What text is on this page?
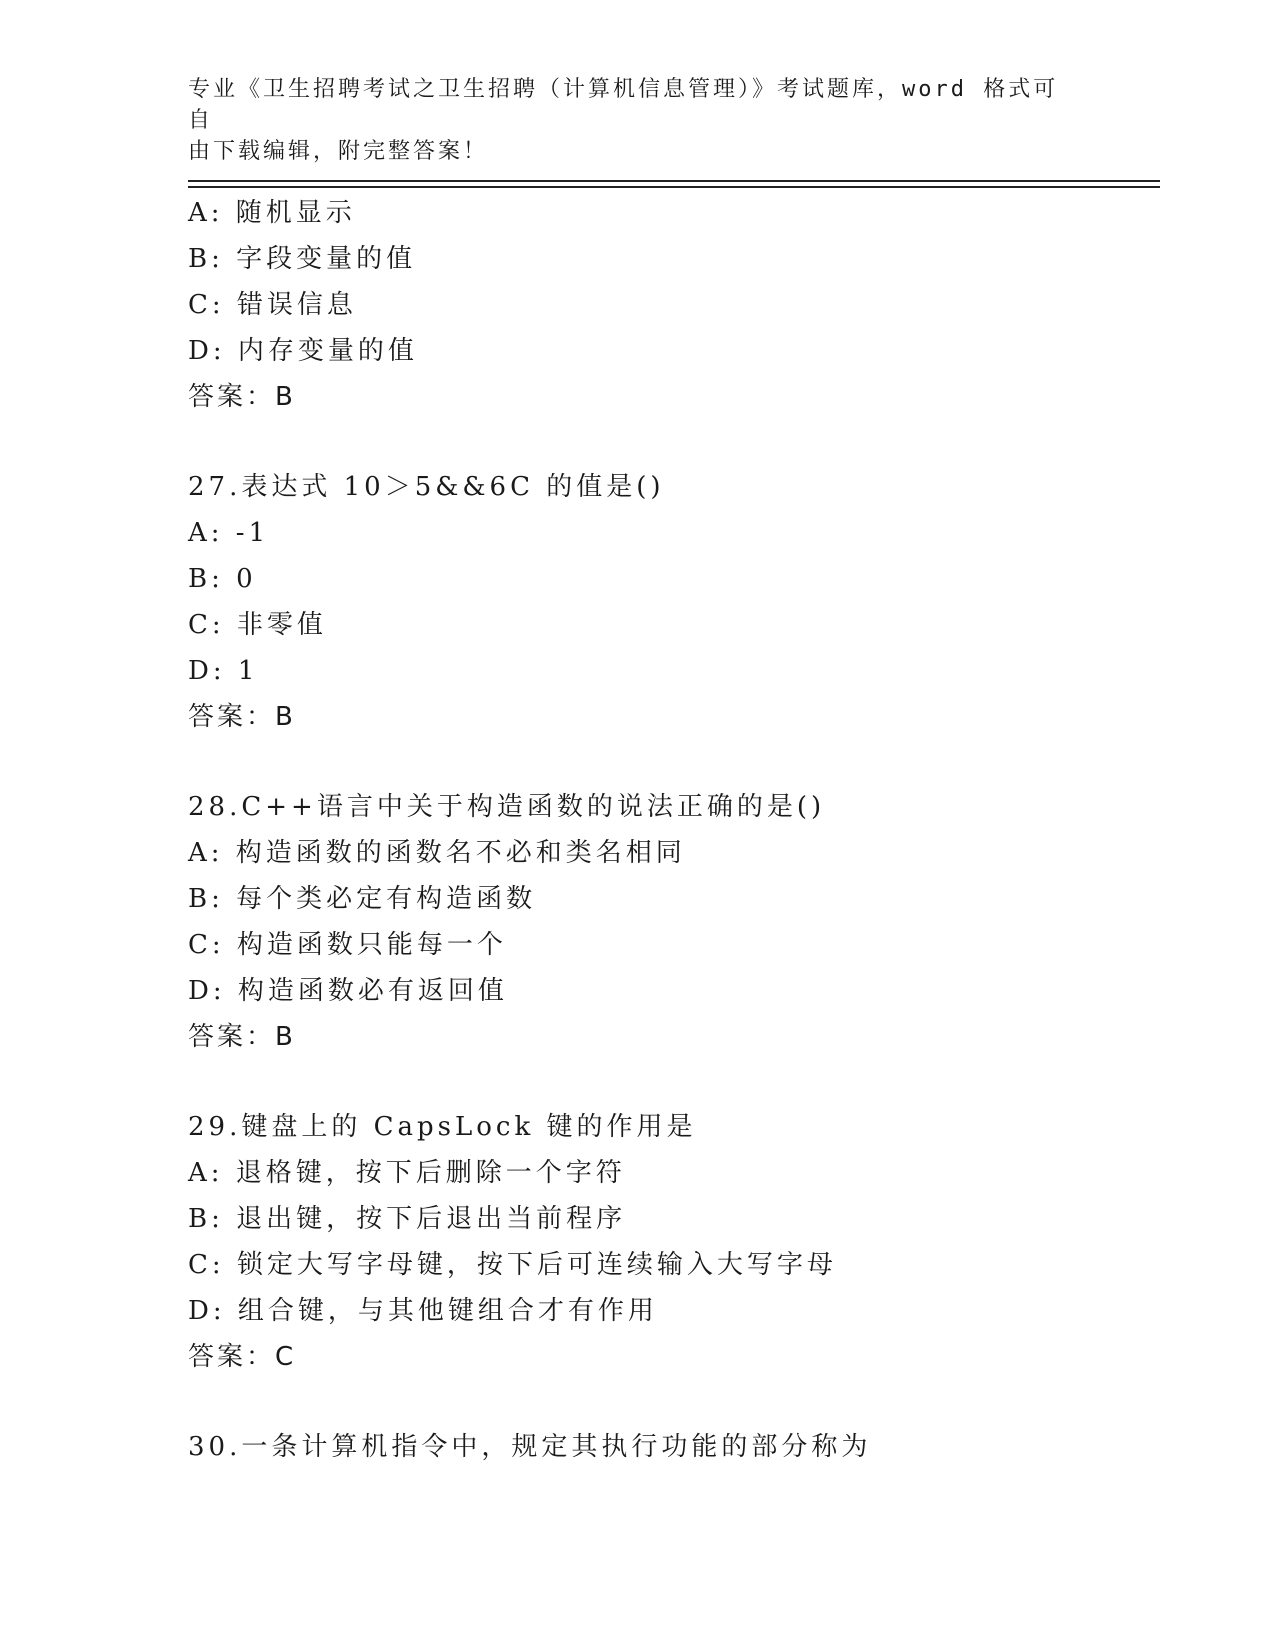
专业《卫生招聘考试之卫生招聘（计算机信息管理）》考试题库，word 格式可自
由下载编辑，附完整答案！
A: 随机显示
B: 字段变量的值
C: 错误信息
D: 内存变量的值
答案：B
27.表达式 10＞5&&6C 的值是()
A: -1
B: 0
C: 非零值
D: 1
答案：B
28.C++语言中关于构造函数的说法正确的是()
A: 构造函数的函数名不必和类名相同
B: 每个类必定有构造函数
C: 构造函数只能每一个
D: 构造函数必有返回值
答案：B
29.键盘上的 CapsLock 键的作用是
A: 退格键，按下后删除一个字符
B: 退出键，按下后退出当前程序
C: 锁定大写字母键，按下后可连续输入大写字母
D: 组合键，与其他键组合才有作用
答案：C
30.一条计算机指令中，规定其执行功能的部分称为
